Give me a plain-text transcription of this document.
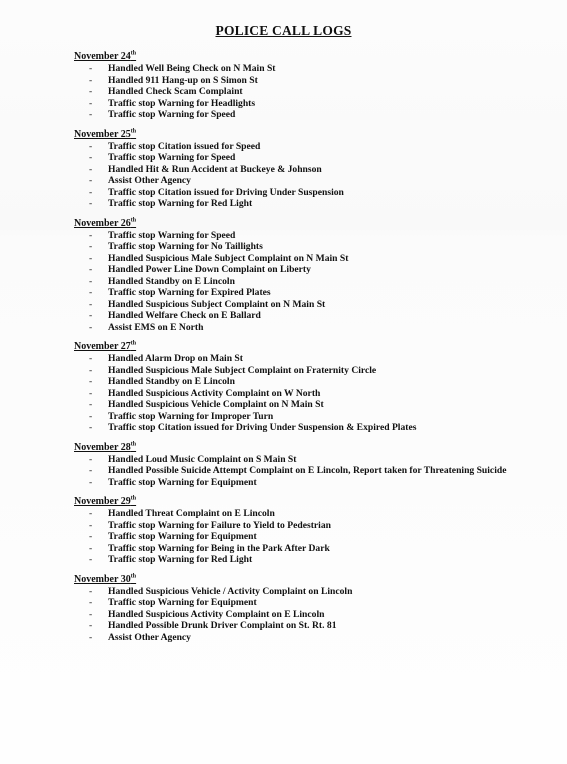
POLICE CALL LOGS
November 24th
- Handled Well Being Check on N Main St
- Handled 911 Hang-up on S Simon St
- Handled Check Scam Complaint
- Traffic stop Warning for Headlights
- Traffic stop Warning for Speed
November 25th
- Traffic stop Citation issued for Speed
- Traffic stop Warning for Speed
- Handled Hit & Run Accident at Buckeye & Johnson
- Assist Other Agency
- Traffic stop Citation issued for Driving Under Suspension
- Traffic stop Warning for Red Light
November 26th
- Traffic stop Warning for Speed
- Traffic stop Warning for No Taillights
- Handled Suspicious Male Subject Complaint on N Main St
- Handled Power Line Down Complaint on Liberty
- Handled Standby on E Lincoln
- Traffic stop Warning for Expired Plates
- Handled Suspicious Subject Complaint on N Main St
- Handled Welfare Check on E Ballard
- Assist EMS on E North
November 27th
- Handled Alarm Drop on Main St
- Handled Suspicious Male Subject Complaint on Fraternity Circle
- Handled Standby on E Lincoln
- Handled Suspicious Activity Complaint on W North
- Handled Suspicious Vehicle Complaint on N Main St
- Traffic stop Warning for Improper Turn
- Traffic stop Citation issued for Driving Under Suspension & Expired Plates
November 28th
- Handled Loud Music Complaint on S Main St
- Handled Possible Suicide Attempt Complaint on E Lincoln, Report taken for Threatening Suicide
- Traffic stop Warning for Equipment
November 29th
- Handled Threat Complaint on E Lincoln
- Traffic stop Warning for Failure to Yield to Pedestrian
- Traffic stop Warning for Equipment
- Traffic stop Warning for Being in the Park After Dark
- Traffic stop Warning for Red Light
November 30th
- Handled Suspicious Vehicle / Activity Complaint on Lincoln
- Traffic stop Warning for Equipment
- Handled Suspicious Activity Complaint on E Lincoln
- Handled Possible Drunk Driver Complaint on St. Rt. 81
- Assist Other Agency
